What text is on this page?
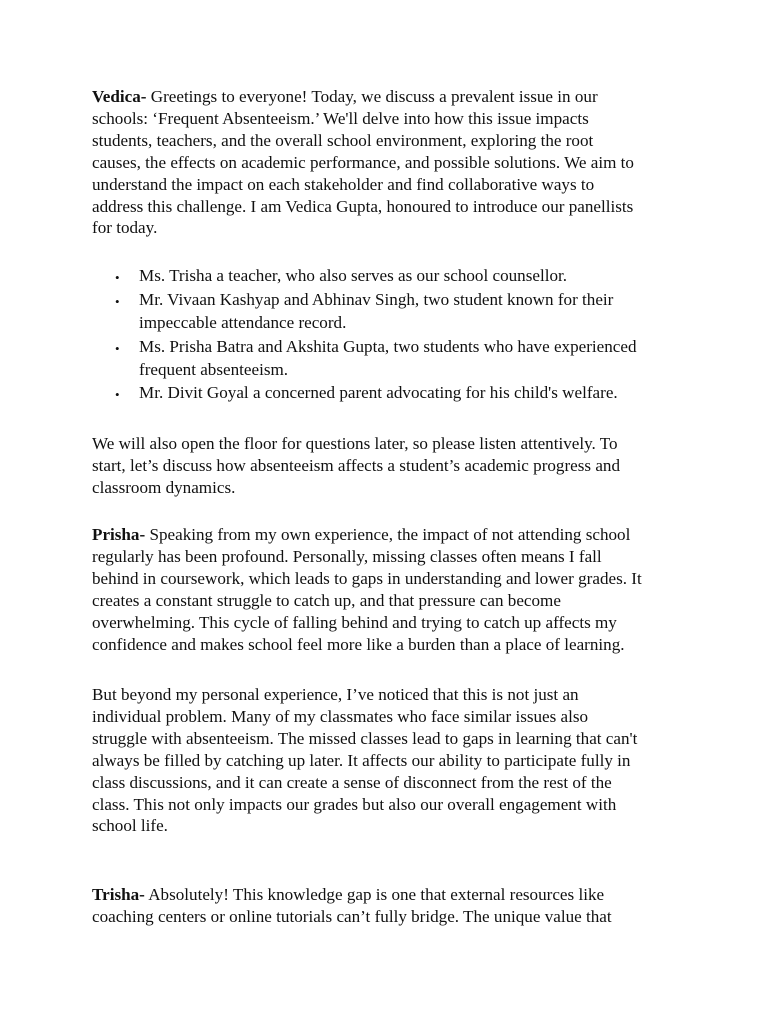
Vedica- Greetings to everyone! Today, we discuss a prevalent issue in our
schools: ‘Frequent Absenteeism.’ We'll delve into how this issue impacts
students, teachers, and the overall school environment, exploring the root
causes, the effects on academic performance, and possible solutions. We aim to
understand the impact on each stakeholder and find collaborative ways to
address this challenge. I am Vedica Gupta, honoured to introduce our panellists
for today.
• Ms. Trisha a teacher, who also serves as our school counsellor.
• Mr. Vivaan Kashyap and Abhinav Singh, two student known for their
impeccable attendance record.
• Ms. Prisha Batra and Akshita Gupta, two students who have experienced
frequent absenteeism.
• Mr. Divit Goyal a concerned parent advocating for his child's welfare.
We will also open the floor for questions later, so please listen attentively. To
start, let’s discuss how absenteeism affects a student’s academic progress and
classroom dynamics.
Prisha- Speaking from my own experience, the impact of not attending school
regularly has been profound. Personally, missing classes often means I fall
behind in coursework, which leads to gaps in understanding and lower grades. It
creates a constant struggle to catch up, and that pressure can become
overwhelming. This cycle of falling behind and trying to catch up affects my
confidence and makes school feel more like a burden than a place of learning.
But beyond my personal experience, I’ve noticed that this is not just an
individual problem. Many of my classmates who face similar issues also
struggle with absenteeism. The missed classes lead to gaps in learning that can't
always be filled by catching up later. It affects our ability to participate fully in
class discussions, and it can create a sense of disconnect from the rest of the
class. This not only impacts our grades but also our overall engagement with
school life.
Trisha- Absolutely! This knowledge gap is one that external resources like
coaching centers or online tutorials can’t fully bridge. The unique value that
